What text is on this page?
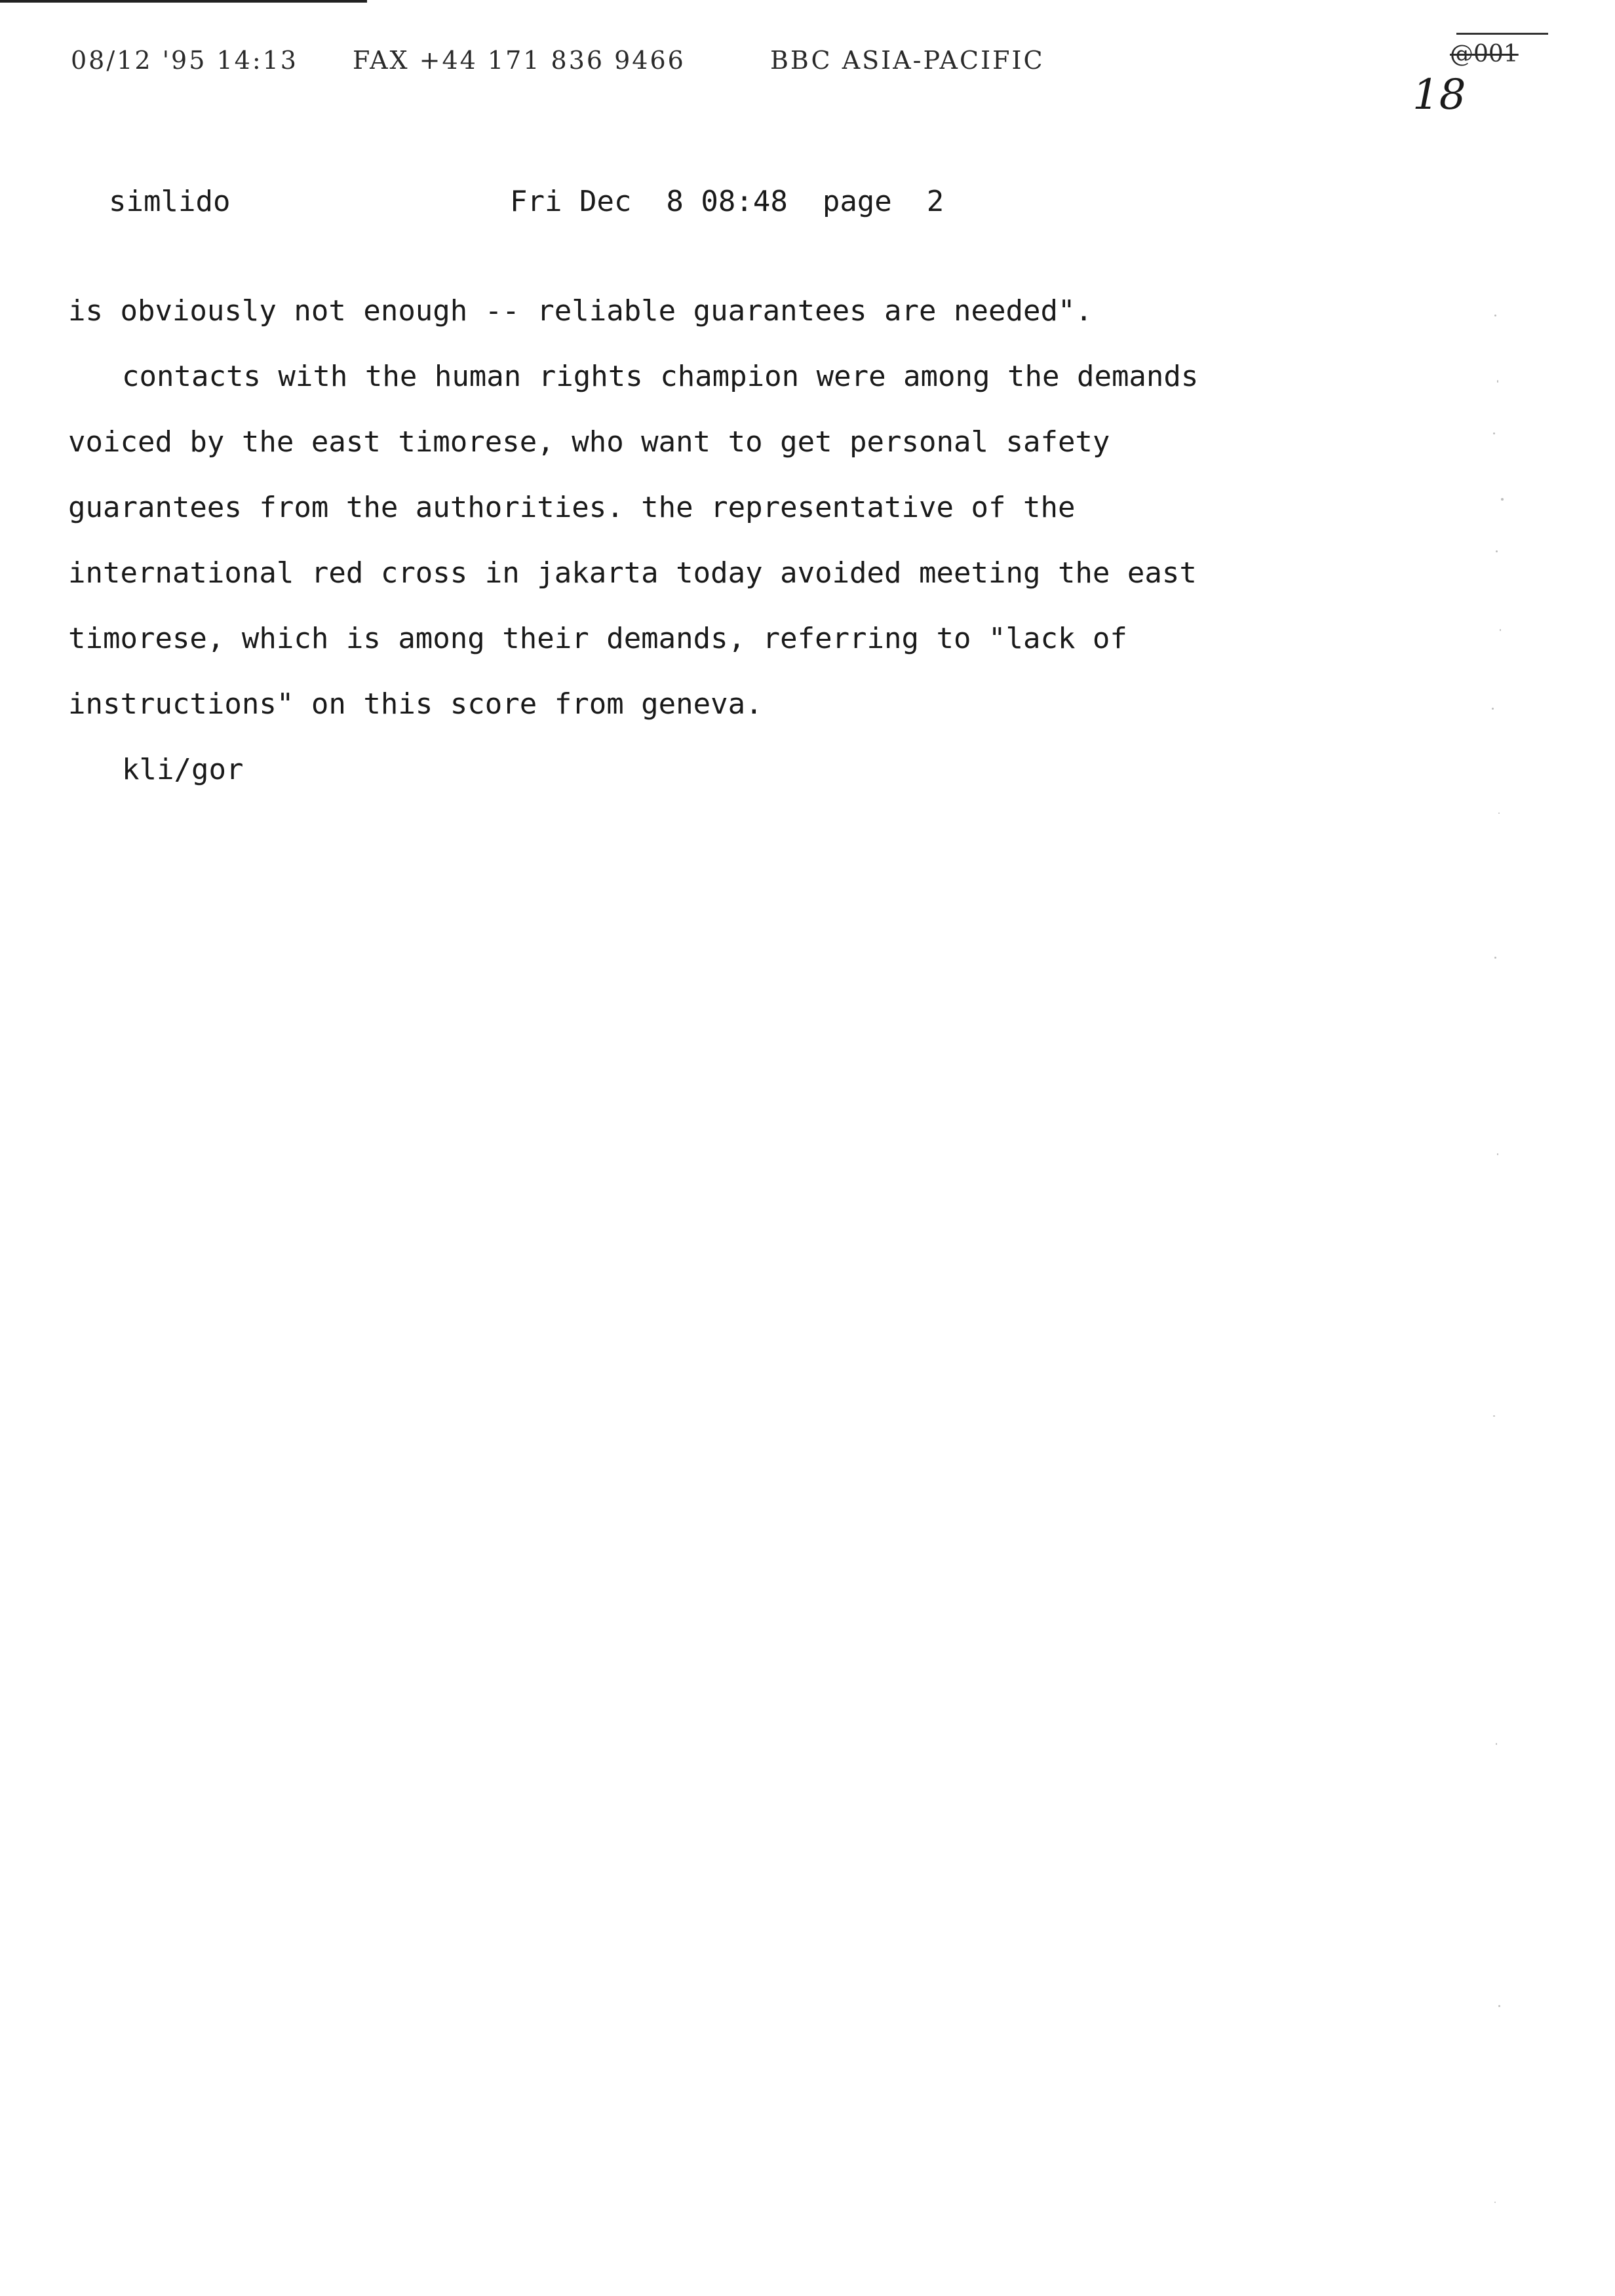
08/12 '95 14:13 FAX +44 171 836 9466	BBC ASIA-PACIFIC	@001
18
simlido	Fri Dec  8 08:48  page  2

is obviously not enough -- reliable guarantees are needed".

contacts with the human rights champion were among the demands

voiced by the east timorese, who want to get personal safety

guarantees from the authorities. the representative of the

international red cross in jakarta today avoided meeting the east

timorese, which is among their demands, referring to "lack of

instructions" on this score from geneva.

kli/gor
